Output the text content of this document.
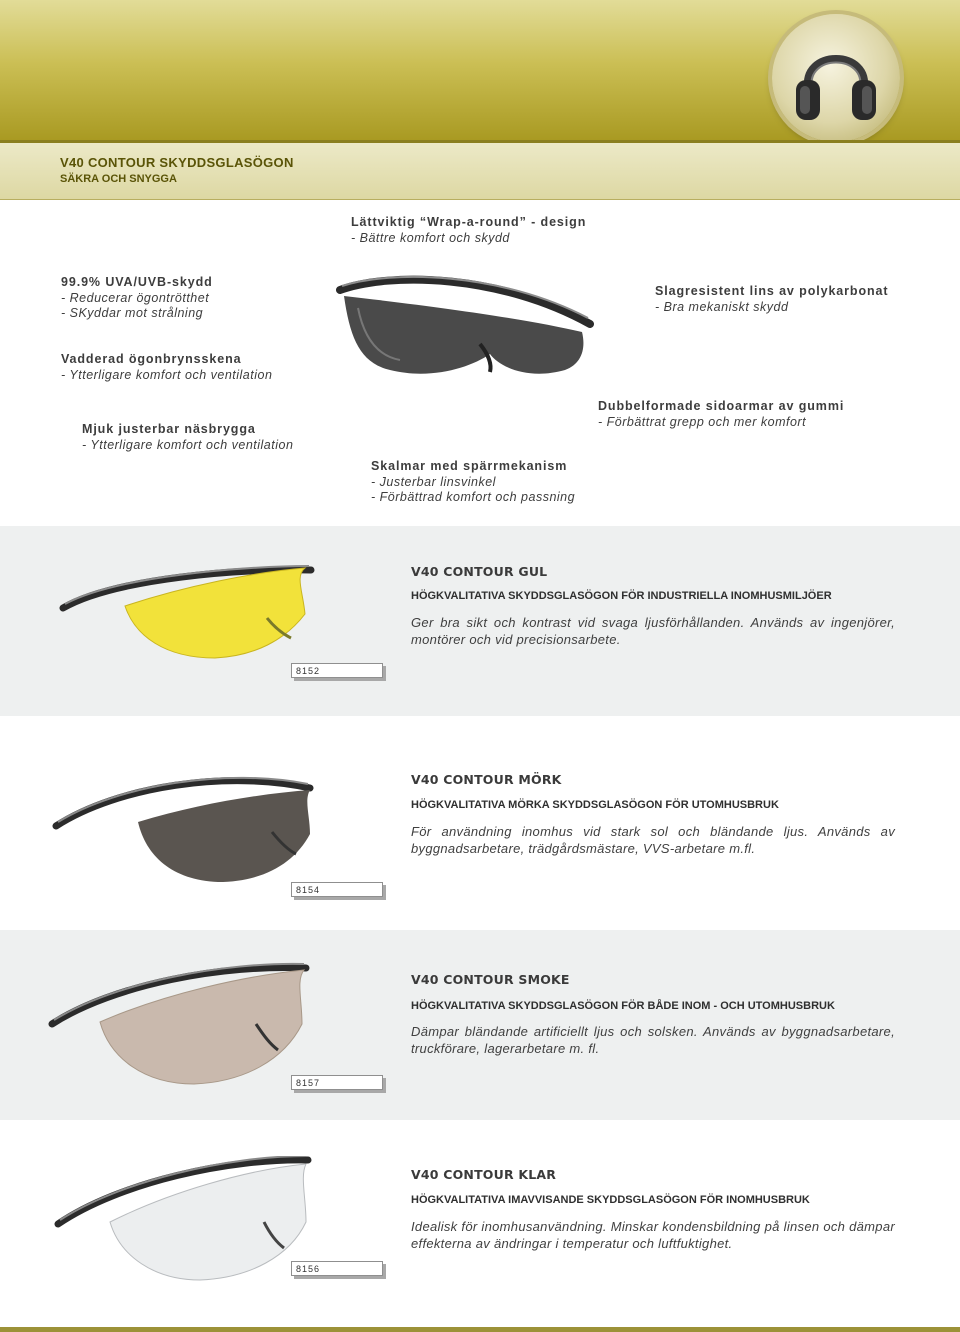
V40 CONTOUR SKYDDSGLASÖGON
SÄKRA OCH SNYGGA
Lättviktig “Wrap-a-round” - design
- Bättre komfort och skydd
99.9% UVA/UVB-skydd
- Reducerar ögontrötthet
- SKyddar mot strålning
Slagresistent lins av polykarbonat
- Bra mekaniskt skydd
Vadderad ögonbrynsskena
- Ytterligare komfort och ventilation
Mjuk justerbar näsbrygga
- Ytterligare komfort och ventilation
Dubbelformade sidoarmar av gummi
- Förbättrat grepp och mer komfort
Skalmar med spärrmekanism
- Justerbar linsvinkel
- Förbättrad komfort och passning
V40 CONTOUR GUL
HÖGKVALITATIVA SKYDDSGLASÖGON FÖR INDUSTRIELLA INOMHUSMILJÖER
Ger bra sikt och kontrast vid svaga ljusförhållanden. Används av ingenjörer, montörer och vid precisionsarbete.
8152
V40 CONTOUR MÖRK
HÖGKVALITATIVA MÖRKA SKYDDSGLASÖGON FÖR UTOMHUSBRUK
För användning inomhus vid stark sol och bländande ljus. Används av byggnadsarbetare, trädgårdsmästare, VVS-arbetare m.fl.
8154
V40 CONTOUR SMOKE
HÖGKVALITATIVA SKYDDSGLASÖGON FÖR BÅDE INOM - OCH UTOMHUSBRUK
Dämpar bländande artificiellt ljus och solsken. Används av byggnadsarbetare, truckförare, lagerarbetare m. fl.
8157
V40 CONTOUR KLAR
HÖGKVALITATIVA IMAVVISANDE SKYDDSGLASÖGON FÖR INOMHUSBRUK
Idealisk för inomhusanvändning. Minskar kondensbildning på linsen och dämpar effekterna av ändringar i temperatur och luftfuktighet.
8156
